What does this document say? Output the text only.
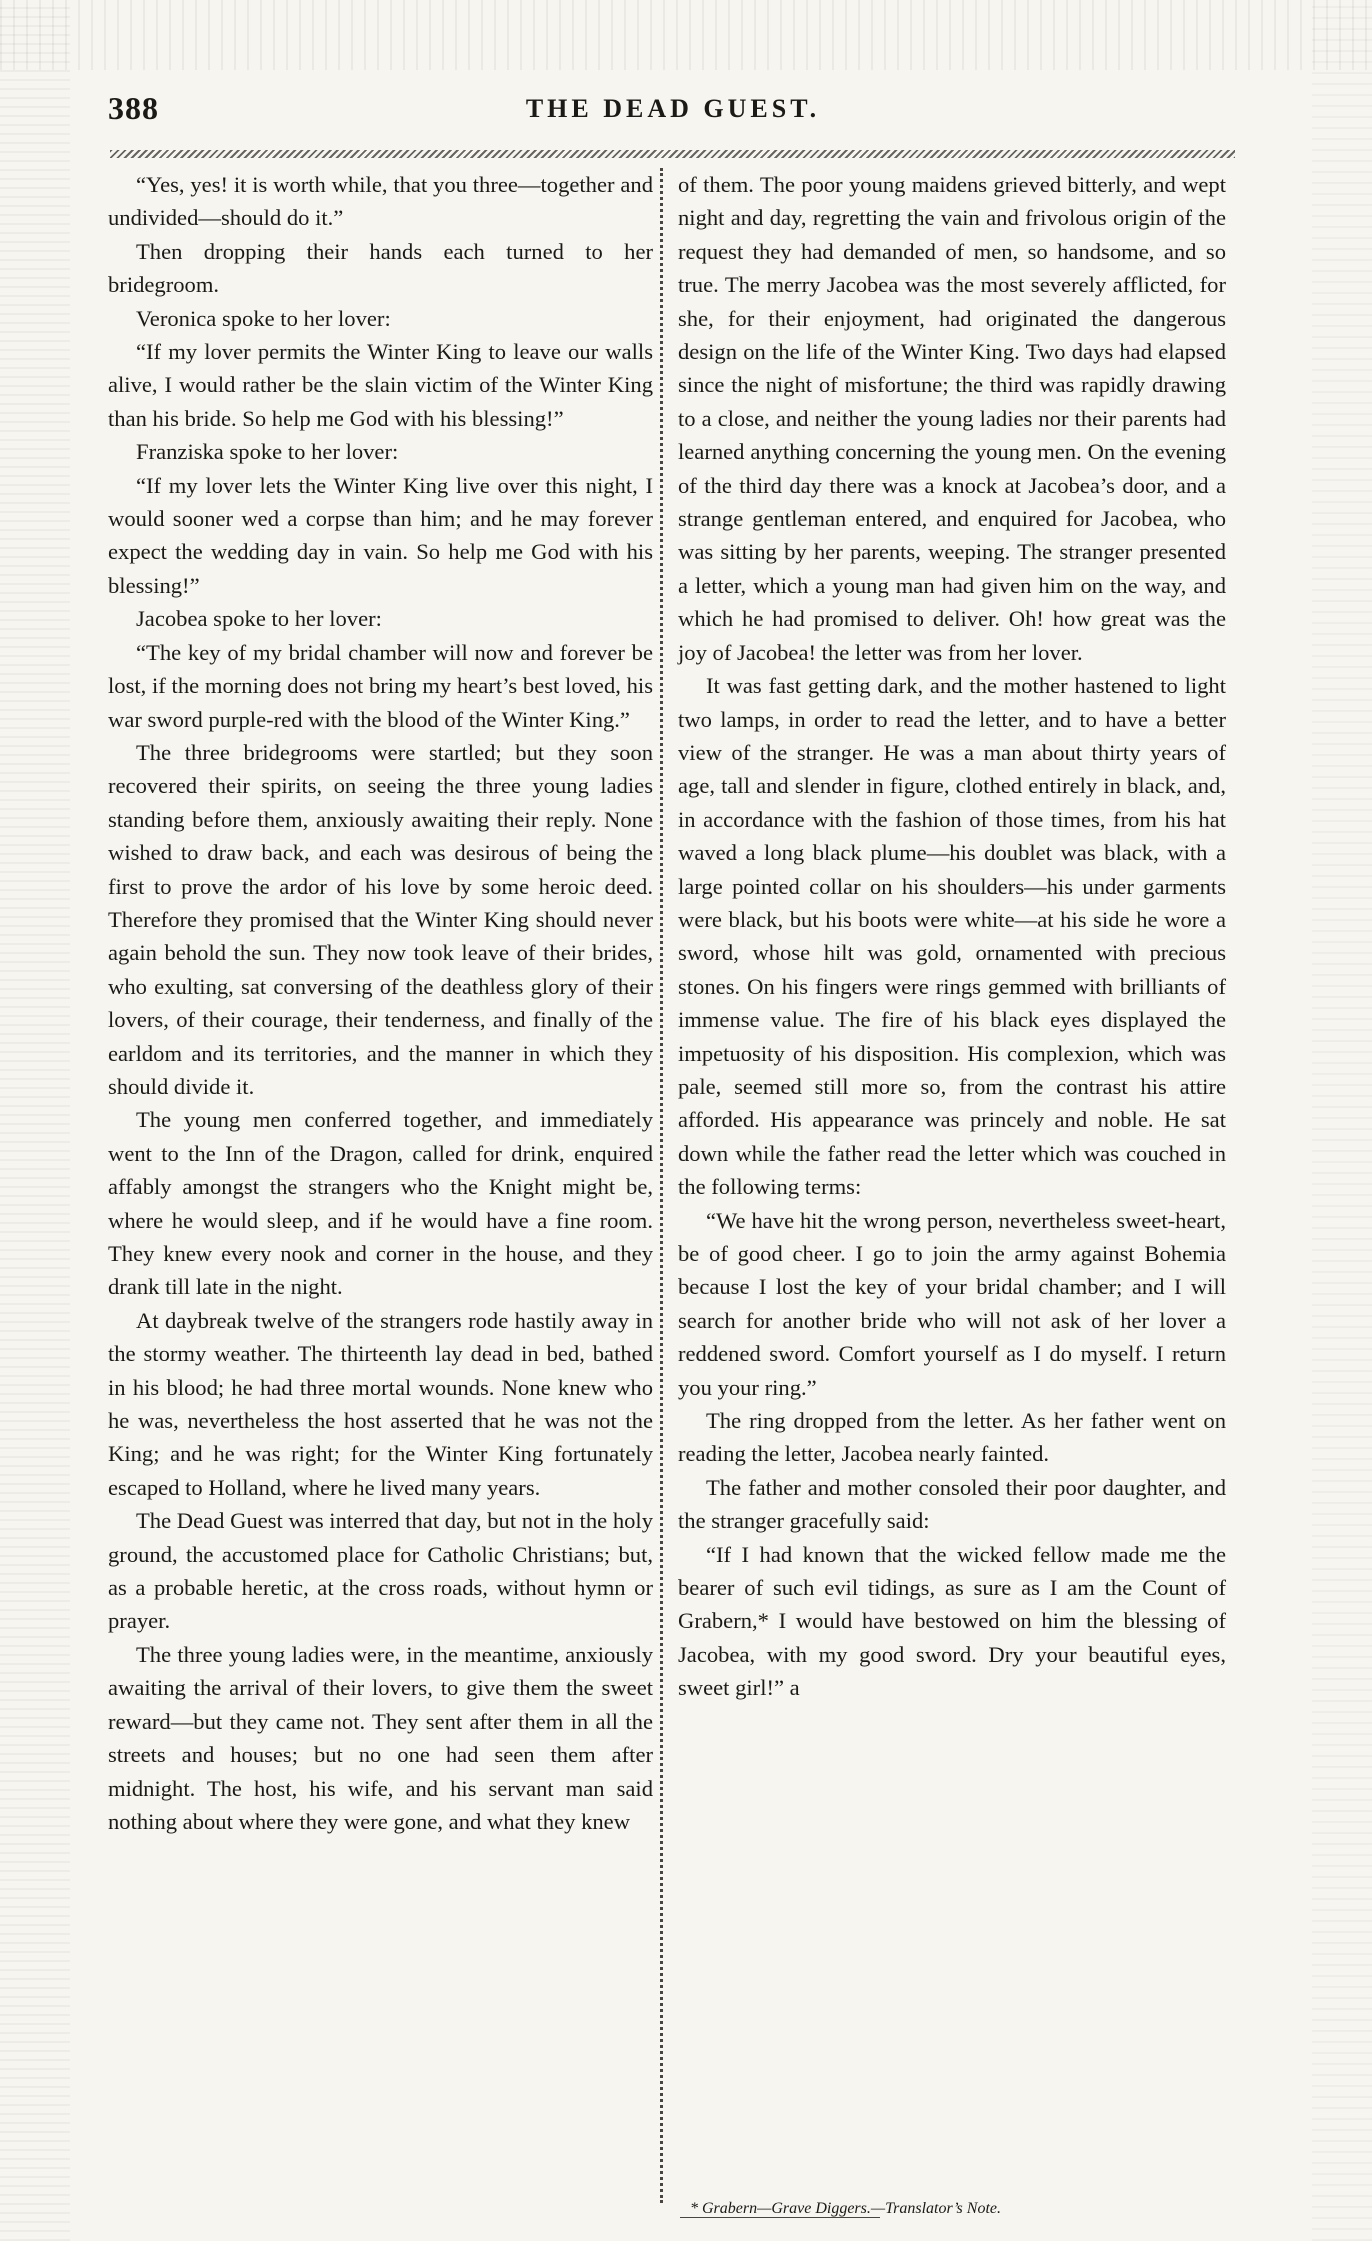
388	THE DEAD GUEST.

“Yes, yes! it is worth while, that you three—together and undivided—should do it.”

Then dropping their hands each turned to her bridegroom.

Veronica spoke to her lover:

“If my lover permits the Winter King to leave our walls alive, I would rather be the slain victim of the Winter King than his bride. So help me God with his blessing!”

Franziska spoke to her lover:

“If my lover lets the Winter King live over this night, I would sooner wed a corpse than him; and he may forever expect the wedding day in vain. So help me God with his blessing!”

Jacobea spoke to her lover:

“The key of my bridal chamber will now and forever be lost, if the morning does not bring my heart’s best loved, his war sword purple-red with the blood of the Winter King.”

The three bridegrooms were startled; but they soon recovered their spirits, on seeing the three young ladies standing before them, anxiously awaiting their reply. None wished to draw back, and each was desirous of being the first to prove the ardor of his love by some heroic deed. Therefore they promised that the Winter King should never again behold the sun. They now took leave of their brides, who exulting, sat conversing of the deathless glory of their lovers, of their courage, their tenderness, and finally of the earldom and its territories, and the manner in which they should divide it.

The young men conferred together, and immediately went to the Inn of the Dragon, called for drink, enquired affably amongst the strangers who the Knight might be, where he would sleep, and if he would have a fine room. They knew every nook and corner in the house, and they drank till late in the night.

At daybreak twelve of the strangers rode hastily away in the stormy weather. The thirteenth lay dead in bed, bathed in his blood; he had three mortal wounds. None knew who he was, nevertheless the host asserted that he was not the King; and he was right; for the Winter King fortunately escaped to Holland, where he lived many years.

The Dead Guest was interred that day, but not in the holy ground, the accustomed place for Catholic Christians; but, as a probable heretic, at the cross roads, without hymn or prayer.

The three young ladies were, in the meantime, anxiously awaiting the arrival of their lovers, to give them the sweet reward—but they came not. They sent after them in all the streets and houses; but no one had seen them after midnight. The host, his wife, and his servant man said nothing about where they were gone, and what they knew

of them. The poor young maidens grieved bitterly, and wept night and day, regretting the vain and frivolous origin of the request they had demanded of men, so handsome, and so true. The merry Jacobea was the most severely afflicted, for she, for their enjoyment, had originated the dangerous design on the life of the Winter King. Two days had elapsed since the night of misfortune; the third was rapidly drawing to a close, and neither the young ladies nor their parents had learned anything concerning the young men. On the evening of the third day there was a knock at Jacobea’s door, and a strange gentleman entered, and enquired for Jacobea, who was sitting by her parents, weeping. The stranger presented a letter, which a young man had given him on the way, and which he had promised to deliver. Oh! how great was the joy of Jacobea! the letter was from her lover.

It was fast getting dark, and the mother hastened to light two lamps, in order to read the letter, and to have a better view of the stranger. He was a man about thirty years of age, tall and slender in figure, clothed entirely in black, and, in accordance with the fashion of those times, from his hat waved a long black plume—his doublet was black, with a large pointed collar on his shoulders—his under garments were black, but his boots were white—at his side he wore a sword, whose hilt was gold, ornamented with precious stones. On his fingers were rings gemmed with brilliants of immense value. The fire of his black eyes displayed the impetuosity of his disposition. His complexion, which was pale, seemed still more so, from the contrast his attire afforded. His appearance was princely and noble. He sat down while the father read the letter which was couched in the following terms:

“We have hit the wrong person, nevertheless sweet-heart, be of good cheer. I go to join the army against Bohemia because I lost the key of your bridal chamber; and I will search for another bride who will not ask of her lover a reddened sword. Comfort yourself as I do myself. I return you your ring.”

The ring dropped from the letter. As her father went on reading the letter, Jacobea nearly fainted.

The father and mother consoled their poor daughter, and the stranger gracefully said:

“If I had known that the wicked fellow made me the bearer of such evil tidings, as sure as I am the Count of Grabern,* I would have bestowed on him the blessing of Jacobea, with my good sword. Dry your beautiful eyes, sweet girl!” a

* Grabern—Grave Diggers.—Translator’s Note.
